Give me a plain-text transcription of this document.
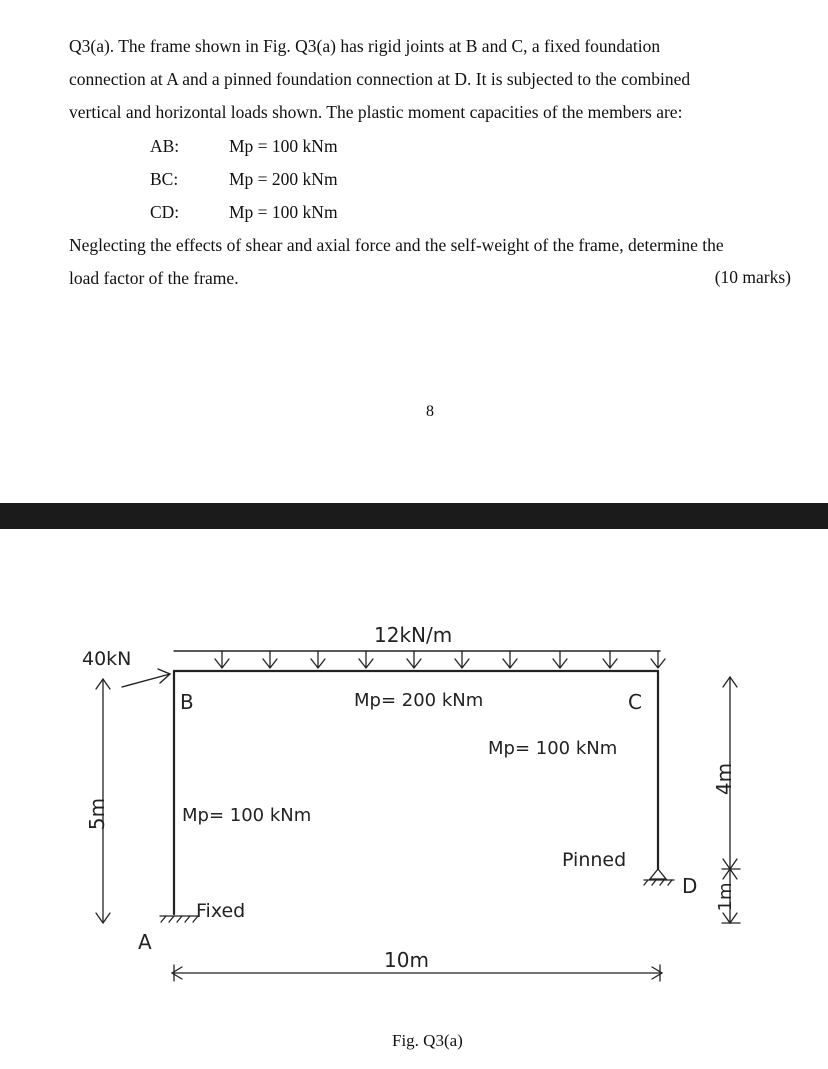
Q3(a). The frame shown in Fig. Q3(a) has rigid joints at B and C, a fixed foundation
connection at A and a pinned foundation connection at D. It is subjected to the combined
vertical and horizontal loads shown. The plastic moment capacities of the members are:
AB:	Mp = 100 kNm
BC:	Mp = 200 kNm
CD:	Mp = 100 kNm
Neglecting the effects of shear and axial force and the self-weight of the frame, determine the
load factor of the frame.	(10 marks)
8
12kN/m
40kN
B	C
A
D
Mp= 200 kNm
Mp= 100 kNm
Mp= 100 kNm
Fixed
Pinned
5m
10m
4m
1m
Fig. Q3(a)
